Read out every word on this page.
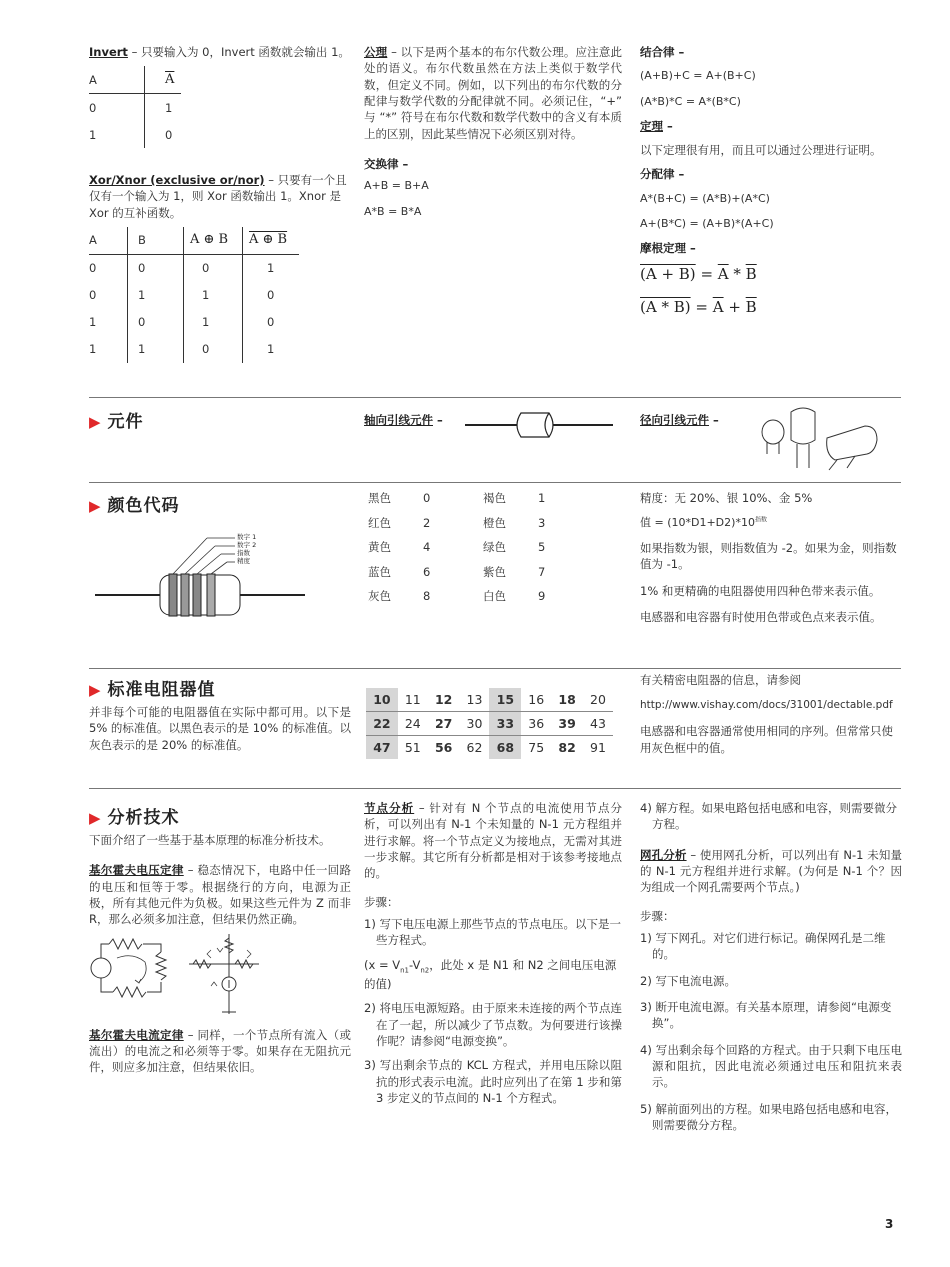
Invert – 只要输入为 0，Invert 函数就会输出 1。

A	$\overline{A}$
0	1
1	0

Xor/Xnor (exclusive or/nor) – 只要有一个且仅有一个输入为 1，则 Xor 函数输出 1。Xnor 是 Xor 的互补函数。

A	B	A ⊕ B	A ⊕ B
0	0	0	1
0	1	1	0
1	0	1	0
1	1	0	1

公理 – 以下是两个基本的布尔代数公理。应注意此处的语义。布尔代数虽然在方法上类似于数学代数，但定义不同。例如，以下列出的布尔代数的分配律与数学代数的分配律就不同。必须记住，“+” 与 “*” 符号在布尔代数和数学代数中的含义有本质上的区别，因此某些情况下必须区别对待。

交换律 –

A+B = B+A

A*B = B*A

结合律 –

(A+B)+C = A+(B+C)

(A*B)*C = A*(B*C)

定理 –

以下定理很有用，而且可以通过公理进行证明。

分配律 –

A*(B+C) = (A*B)+(A*C)

A+(B*C) = (A+B)*(A+C)

摩根定理 –

$(A + B) = \overline{A} * \overline{B}$
$(A * B) = \overline{A} + \overline{B}$
▶ 元件	轴向引线元件 –	径向引线元件 –
▶ 颜色代码
数字 1
数字 2
指数
精度
黑色	0	褐色	1
红色	2	橙色	3
黄色	4	绿色	5
蓝色	6	紫色	7
灰色	8	白色	9

精度：无 20%、银 10%、金 5%

值 = $(10*D1+D2)*10^{指数}$

如果指数为银，则指数值为 -2。如果为金，则指数值为 -1。

1% 和更精确的电阻器使用四种色带来表示值。

电感器和电容器有时使用色带或色点来表示值。

▶ 标准电阻器值

并非每个可能的电阻器值在实际中都可用。以下是 5% 的标准值。以黑色表示的是 10% 的标准值。以灰色表示的是 20% 的标准值。

10	11	12	13	15	16	18	20
22	24	27	30	33	36	39	43
47	51	56	62	68	75	82	91

有关精密电阻器的信息，请参阅

http://www.vishay.com/docs/31001/dectable.pdf

电感器和电容器通常使用相同的序列。但常常只使用灰色框中的值。

▶ 分析技术

下面介绍了一些基于基本原理的标准分析技术。

基尔霍夫电压定律 – 稳态情况下，电路中任一回路的电压和恒等于零。根据绕行的方向，电源为正极，所有其他元件为负极。如果这些元件为 Z 而非 R，那么必须多加注意，但结果仍然正确。

基尔霍夫电流定律 – 同样，一个节点所有流入（或流出）的电流之和必须等于零。如果存在无阻抗元件，则应多加注意，但结果依旧。

节点分析 – 针对有 N 个节点的电流使用节点分析，可以列出有 N-1 个未知量的 N-1 元方程组并进行求解。将一个节点定义为接地点，无需对其进一步求解。其它所有分析都是相对于该参考接地点的。

步骤：

1) 写下电压电源上那些节点的节点电压。以下是一些方程式。
($x = V_{n1}-V_{n2}$，此处 x 是 N1 和 N2 之间电压电源的值)
2) 将电压电源短路。由于原来未连接的两个节点连在了一起，所以减少了节点数。为何要进行该操作呢？请参阅“电源变换”。
3) 写出剩余节点的 KCL 方程式，并用电压除以阻抗的形式表示电流。此时应列出了在第 1 步和第 3 步定义的节点间的 N-1 个方程式。
4) 解方程。如果电路包括电感和电容，则需要微分方程。

网孔分析 – 使用网孔分析，可以列出有 N-1 未知量的 N-1 元方程组并进行求解。(为何是 N-1 个？因为组成一个网孔需要两个节点。)

步骤：

1) 写下网孔。对它们进行标记。确保网孔是二维的。
2) 写下电流电源。
3) 断开电流电源。有关基本原理，请参阅“电源变换”。
4) 写出剩余每个回路的方程式。由于只剩下电压电源和阻抗，因此电流必须通过电压和阻抗来表示。
5) 解前面列出的方程。如果电路包括电感和电容，则需要微分方程。
3
